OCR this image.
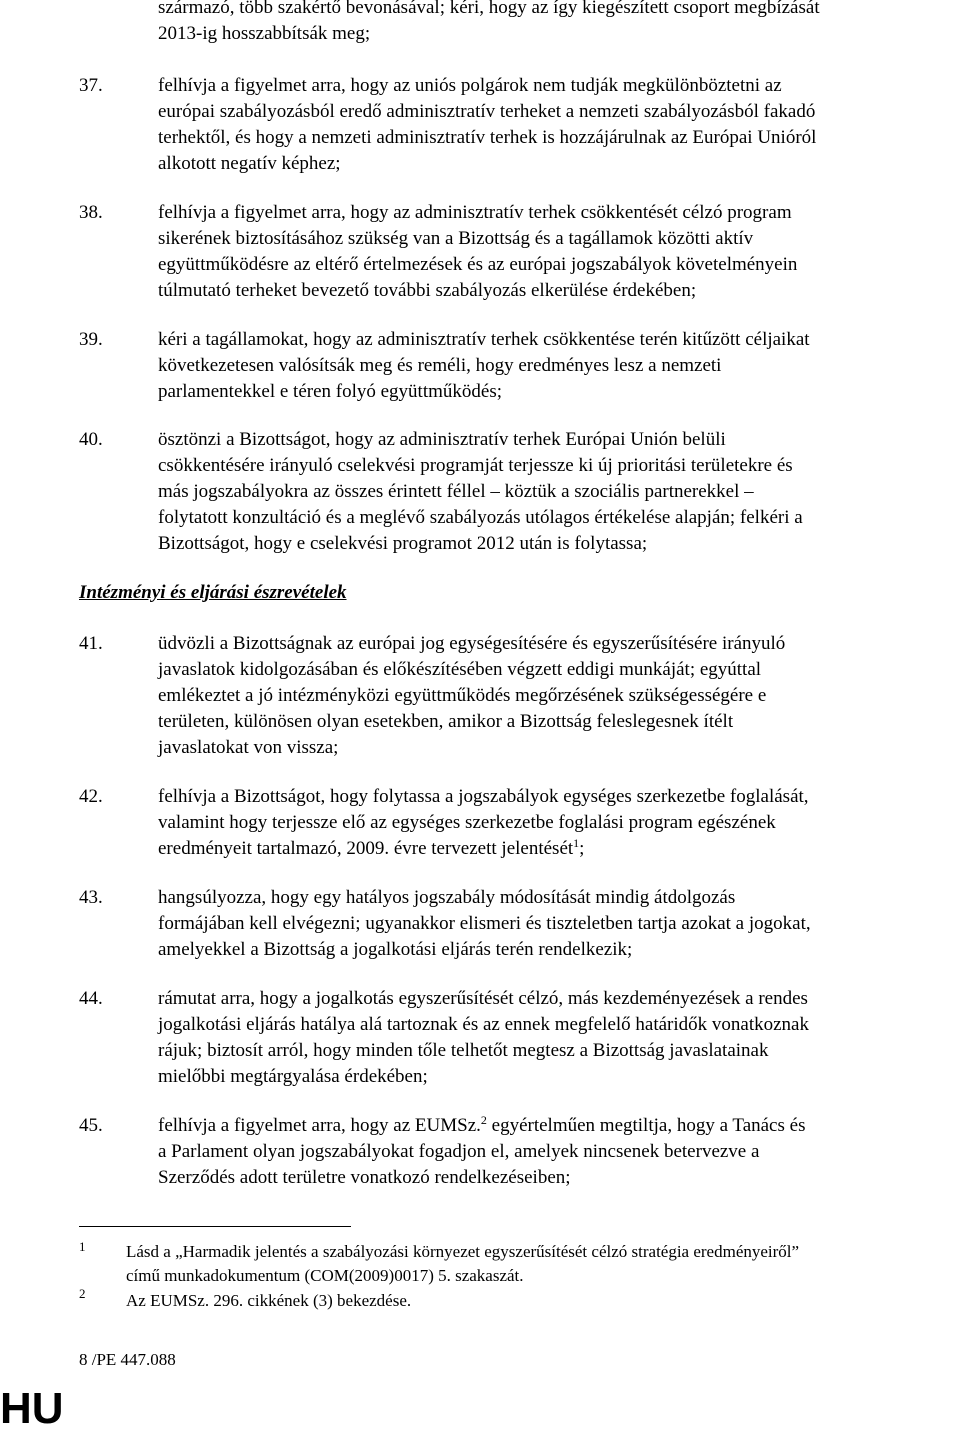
származó, több szakértő bevonásával; kéri, hogy az így kiegészített csoport megbízását
2013-ig hosszabbítsák meg;
37.	felhívja a figyelmet arra, hogy az uniós polgárok nem tudják megkülönböztetni az
európai szabályozásból eredő adminisztratív terheket a nemzeti szabályozásból fakadó
terhektől, és hogy a nemzeti adminisztratív terhek is hozzájárulnak az Európai Unióról
alkotott negatív képhez;
38.	felhívja a figyelmet arra, hogy az adminisztratív terhek csökkentését célzó program
sikerének biztosításához szükség van a Bizottság és a tagállamok közötti aktív
együttműködésre az eltérő értelmezések és az európai jogszabályok követelményein
túlmutató terheket bevezető további szabályozás elkerülése érdekében;
39.	kéri a tagállamokat, hogy az adminisztratív terhek csökkentése terén kitűzött céljaikat
következetesen valósítsák meg és reméli, hogy eredményes lesz a nemzeti
parlamentekkel e téren folyó együttműködés;
40.	ösztönzi a Bizottságot, hogy az adminisztratív terhek Európai Unión belüli
csökkentésére irányuló cselekvési programját terjessze ki új prioritási területekre és
más jogszabályokra az összes érintett féllel – köztük a szociális partnerekkel –
folytatott konzultáció és a meglévő szabályozás utólagos értékelése alapján; felkéri a
Bizottságot, hogy e cselekvési programot 2012 után is folytassa;
Intézményi és eljárási észrevételek
41.	üdvözli a Bizottságnak az európai jog egységesítésére és egyszerűsítésére irányuló
javaslatok kidolgozásában és előkészítésében végzett eddigi munkáját; egyúttal
emlékeztet a jó intézményközi együttműködés megőrzésének szükségességére e
területen, különösen olyan esetekben, amikor a Bizottság feleslegesnek ítélt
javaslatokat von vissza;
42.	felhívja a Bizottságot, hogy folytassa a jogszabályok egységes szerkezetbe foglalását,
valamint hogy terjessze elő az egységes szerkezetbe foglalási program egészének
eredményeit tartalmazó, 2009. évre tervezett jelentését$^1$;
43.	hangsúlyozza, hogy egy hatályos jogszabály módosítását mindig átdolgozás
formájában kell elvégezni; ugyanakkor elismeri és tiszteletben tartja azokat a jogokat,
amelyekkel a Bizottság a jogalkotási eljárás terén rendelkezik;
44.	rámutat arra, hogy a jogalkotás egyszerűsítését célzó, más kezdeményezések a rendes
jogalkotási eljárás hatálya alá tartoznak és az ennek megfelelő határidők vonatkoznak
rájuk; biztosít arról, hogy minden tőle telhetőt megtesz a Bizottság javaslatainak
mielőbbi megtárgyalása érdekében;
45.	felhívja a figyelmet arra, hogy az EUMSz.$^2$ egyértelműen megtiltja, hogy a Tanács és
a Parlament olyan jogszabályokat fogadjon el, amelyek nincsenek betervezve a
Szerződés adott területre vonatkozó rendelkezéseiben;
1 Lásd a „Harmadik jelentés a szabályozási környezet egyszerűsítését célzó stratégia eredményeiről”
című munkadokumentum (COM(2009)0017) 5. szakaszát.
2 Az EUMSz. 296. cikkének (3) bekezdése.
8 /PE 447.088
HU
